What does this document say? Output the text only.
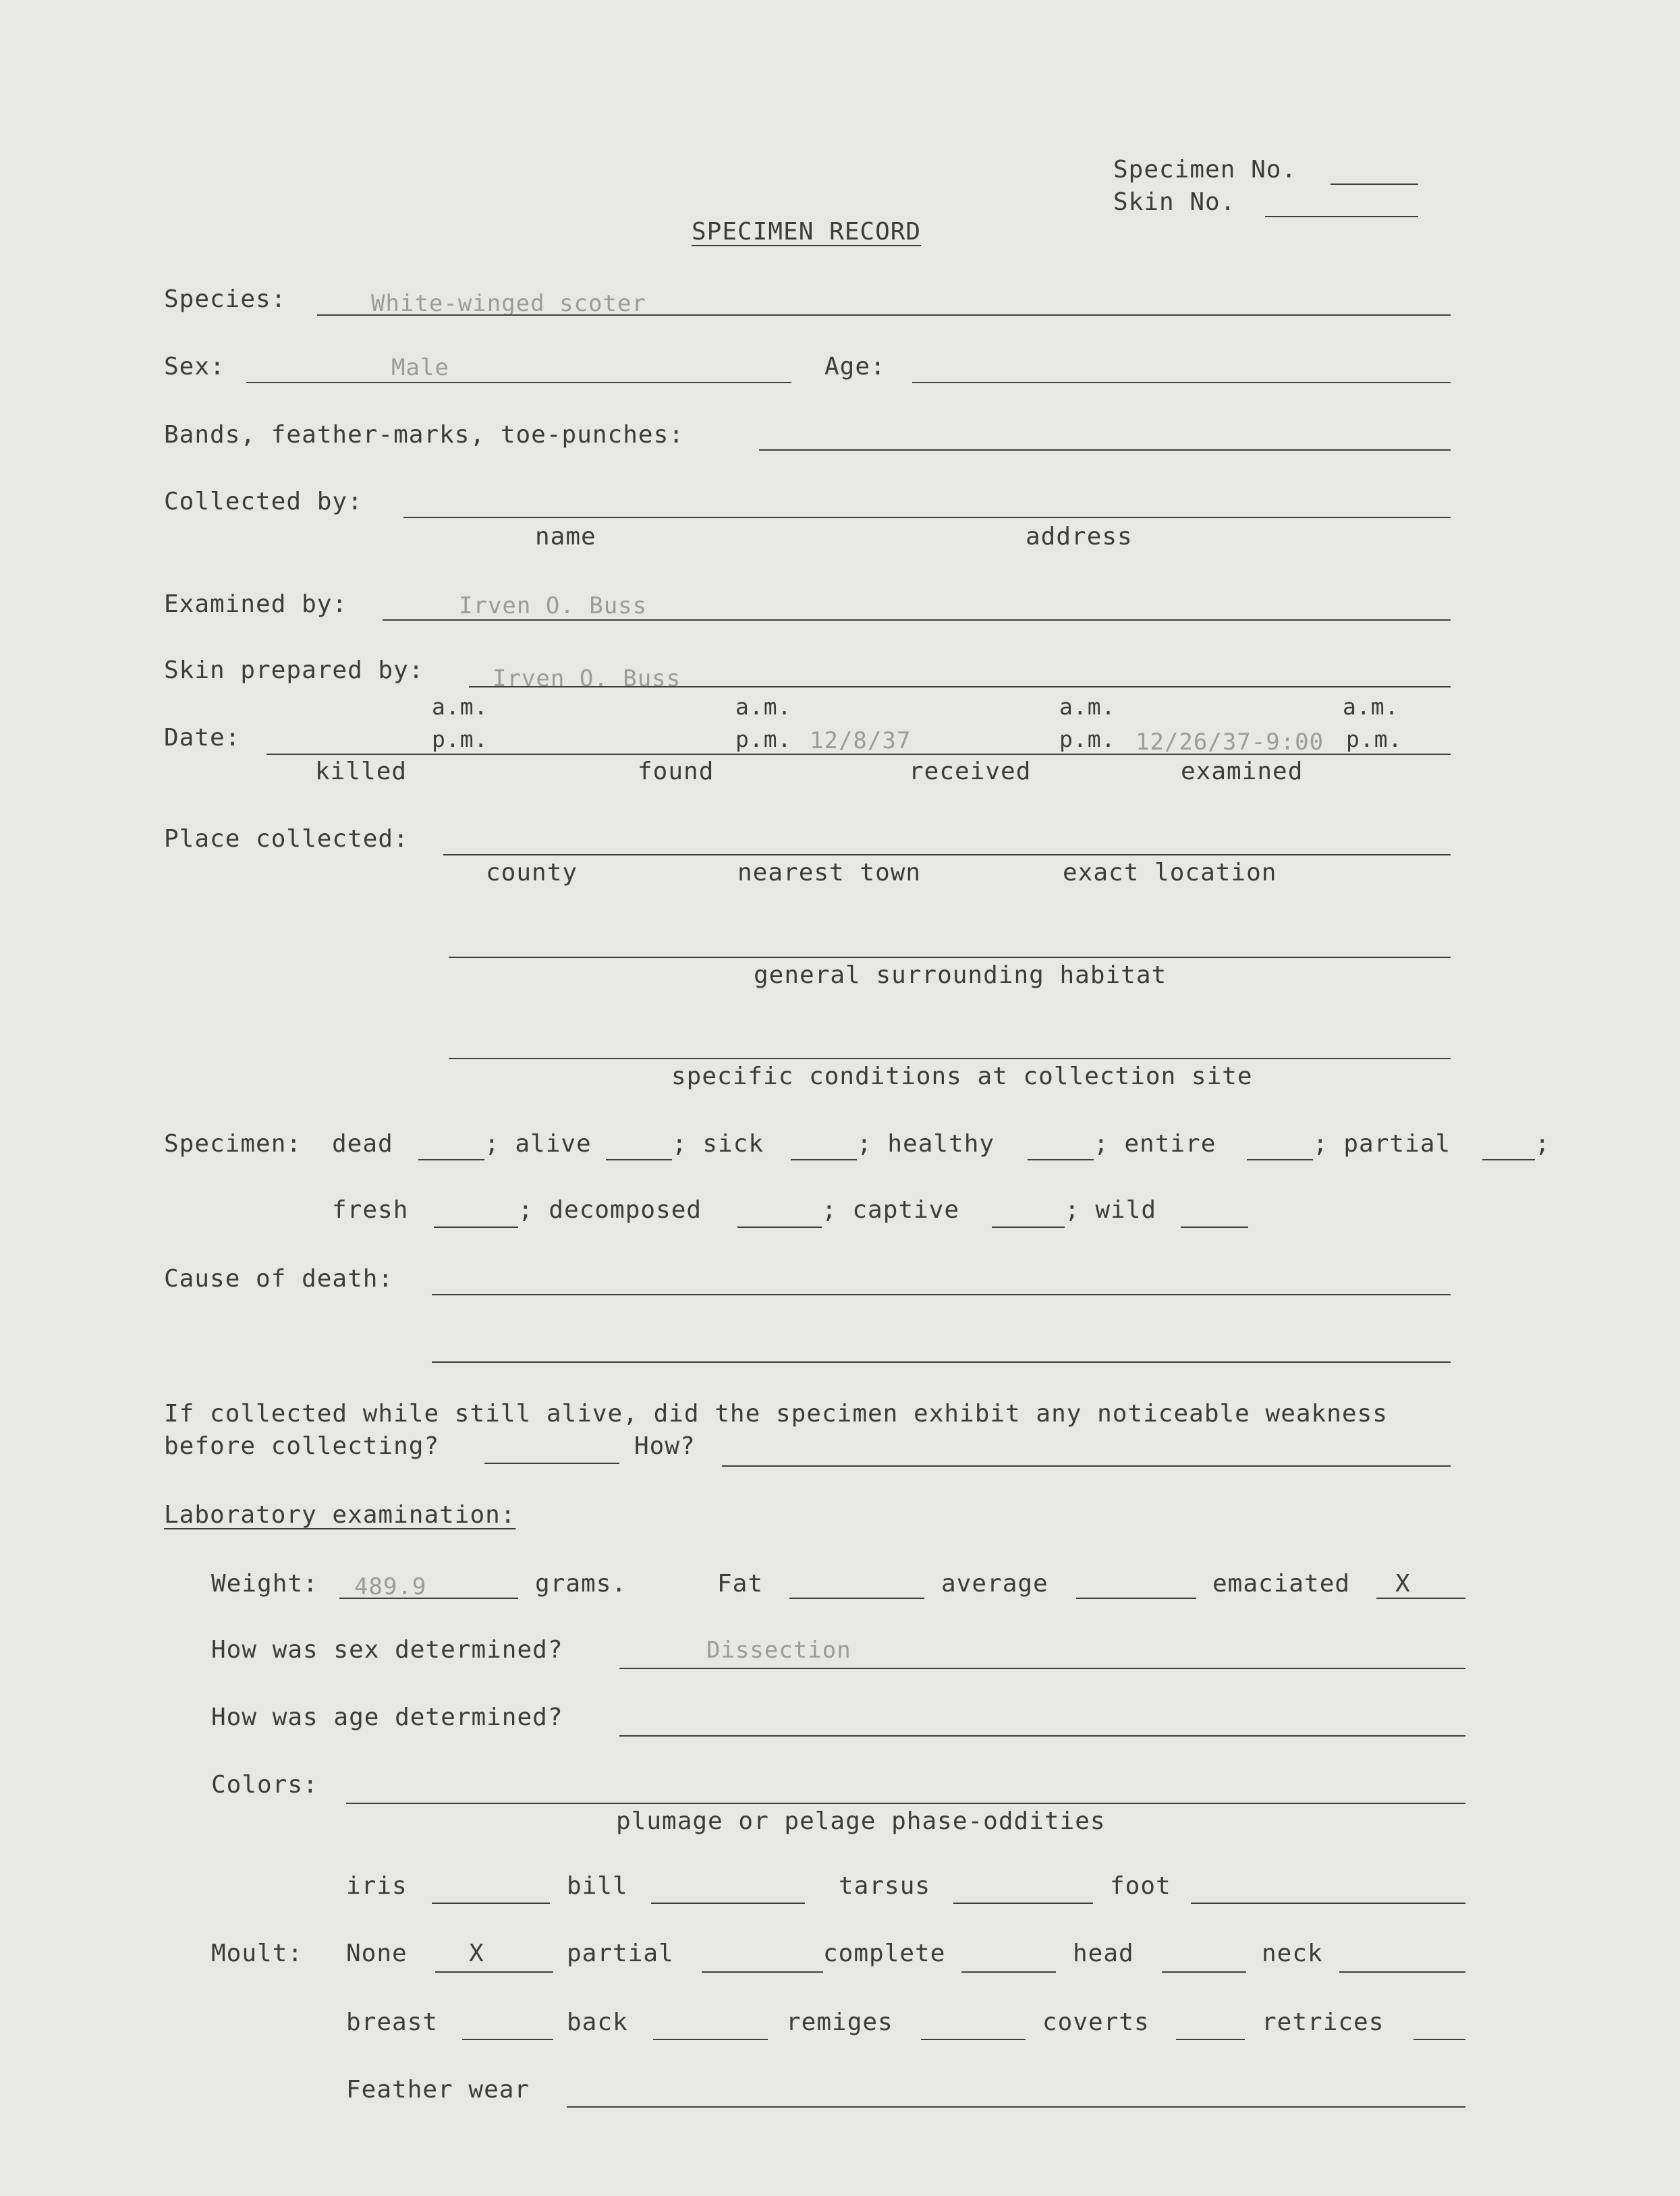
Specimen No.
Skin No.
SPECIMEN RECORD
Species:	White-winged scoter
Sex:	Male	Age:
Bands, feather-marks, toe-punches:
Collected by:
name	address
Examined by:	Irven O. Buss
Skin prepared by:	Irven O. Buss
a.m.	a.m.	a.m.	a.m.
Date:	p.m.	p.m. 12/8/37	p.m. 12/26/37-9:00 p.m.
killed	found	received	examined
Place collected:
county	nearest town	exact location
general surrounding habitat
specific conditions at collection site
Specimen: dead	; alive	; sick	; healthy	; entire	; partial	;
fresh	; decomposed	; captive	; wild
Cause of death:
If collected while still alive, did the specimen exhibit any noticeable weakness
before collecting?	How?
Laboratory examination:
Weight: 489.9	grams.	Fat	average	emaciated X
How was sex determined?	Dissection
How was age determined?
Colors:
plumage or pelage phase-oddities
iris	bill	tarsus	foot
Moult: None	X	partial	complete	head	neck
breast	back	remiges	coverts	retrices
Feather wear
